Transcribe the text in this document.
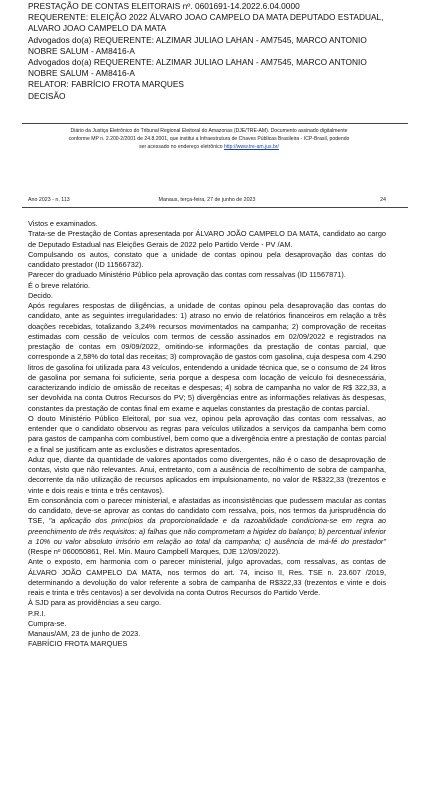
PRESTAÇÃO DE CONTAS ELEITORAIS nº. 0601691-14.2022.6.04.0000
REQUERENTE: ELEIÇÃO 2022 ÁLVARO JOAO CAMPELO DA MATA DEPUTADO ESTADUAL,
ALVARO JOAO CAMPELO DA MATA
Advogados do(a) REQUERENTE: ALZIMAR JULIAO LAHAN - AM7545, MARCO ANTONIO
NOBRE SALUM - AM8416-A
Advogados do(a) REQUERENTE: ALZIMAR JULIAO LAHAN - AM7545, MARCO ANTONIO
NOBRE SALUM - AM8416-A
RELATOR: FABRÍCIO FROTA MARQUES
DECISÃO
Diário da Justiça Eletrônico do Tribunal Regional Eleitoral do Amazonas (DJE/TRE-AM). Documento assinado digitalmente
conforme MP n. 2.200-2/2001 de 24.8.2001, que institui a Infraestrutura de Chaves Públicas Brasileira - ICP-Brasil, podendo
ser acessado no endereço eletrônico http://www.tre-am.jus.br/
Ano 2023 - n. 113	Manaus, terça-feira, 27 de junho de 2023	24

Vistos e examinados.

Trata-se de Prestação de Contas apresentada por ÁLVARO JOÃO CAMPELO DA MATA, candidato ao cargo de Deputado Estadual nas Eleições Gerais de 2022 pelo Partido Verde - PV /AM.

Compulsando os autos, constato que a unidade de contas opinou pela desaprovação das contas do candidato prestador (ID 11566732).

Parecer do graduado Ministério Público pela aprovação das contas com ressalvas (ID 11567871).

É o breve relatório.

Decido.

Após regulares respostas de diligências, a unidade de contas opinou pela desaprovação das contas do candidato, ante as seguintes irregularidades: 1) atraso no envio de relatórios financeiros em relação a três doações recebidas, totalizando 3,24% recursos movimentados na campanha; 2) comprovação de receitas estimadas com cessão de veículos com termos de cessão assinados em 02/09/2022 e registrados na prestação de contas em 09/09/2022, omitindo-se informações da prestação de contas parcial, que corresponde a 2,58% do total das receitas; 3) comprovação de gastos com gasolina, cuja despesa com 4.290 litros de gasolina foi utilizada para 43 veículos, entendendo a unidade técnica que, se o consumo de 24 litros de gasolina por semana foi suficiente, seria porque a despesa com locação de veículo foi desnecessária, caracterizando indício de omissão de receitas e despesas; 4) sobra de campanha no valor de R$ 322,33, a ser devolvida na conta Outros Recursos do PV; 5) divergências entre as informações relativas às despesas, constantes da prestação de contas final em exame e aquelas constantes da prestação de contas parcial.

O douto Ministério Público Eleitoral, por sua vez, opinou pela aprovação das contas com ressalvas, ao entender que o candidato observou as regras para veículos utilizados a serviços da campanha bem como para gastos de campanha com combustível, bem como que a divergência entre a prestação de contas parcial e a final se justificam ante as exclusões e distratos apresentados.

Aduz que, diante da quantidade de valores apontados como divergentes, não é o caso de desaprovação de contas, visto que não relevantes. Anui, entretanto, com a ausência de recolhimento de sobra de campanha, decorrente da não utilização de recursos aplicados em impulsionamento, no valor de R$322,33 (trezentos e vinte e dois reais e trinta e três centavos).

Em consonância com o parecer ministerial, e afastadas as inconsistências que pudessem macular as contas do candidato, deve-se aprovar as contas do candidato com ressalva, pois, nos termos da jurisprudência do TSE, "a aplicação dos princípios da proporcionalidade e da razoabilidade condiciona-se em regra ao preenchimento de três requisitos: a) falhas que não comprometam a higidez do balanço; b) percentual inferior a 10% ou valor absoluto irrisório em relação ao total da campanha; c) ausência de má-fé do prestador" (Respe nº 060050861, Rel. Min. Mauro Campbell Marques, DJE 12/09/2022).

Ante o exposto, em harmonia com o parecer ministerial, julgo aprovadas, com ressalvas, as contas de ÁLVARO JOÃO CAMPELO DA MATA, nos termos do art. 74, inciso II, Res. TSE n. 23.607 /2019, determinando a devolução do valor referente a sobra de campanha de R$322,33 (trezentos e vinte e dois reais e trinta e três centavos) a ser devolvida na conta Outros Recursos do Partido Verde.

À SJD para as providências a seu cargo.

P.R.I.

Cumpra-se.

Manaus/AM, 23 de junho de 2023.

FABRÍCIO FROTA MARQUES
